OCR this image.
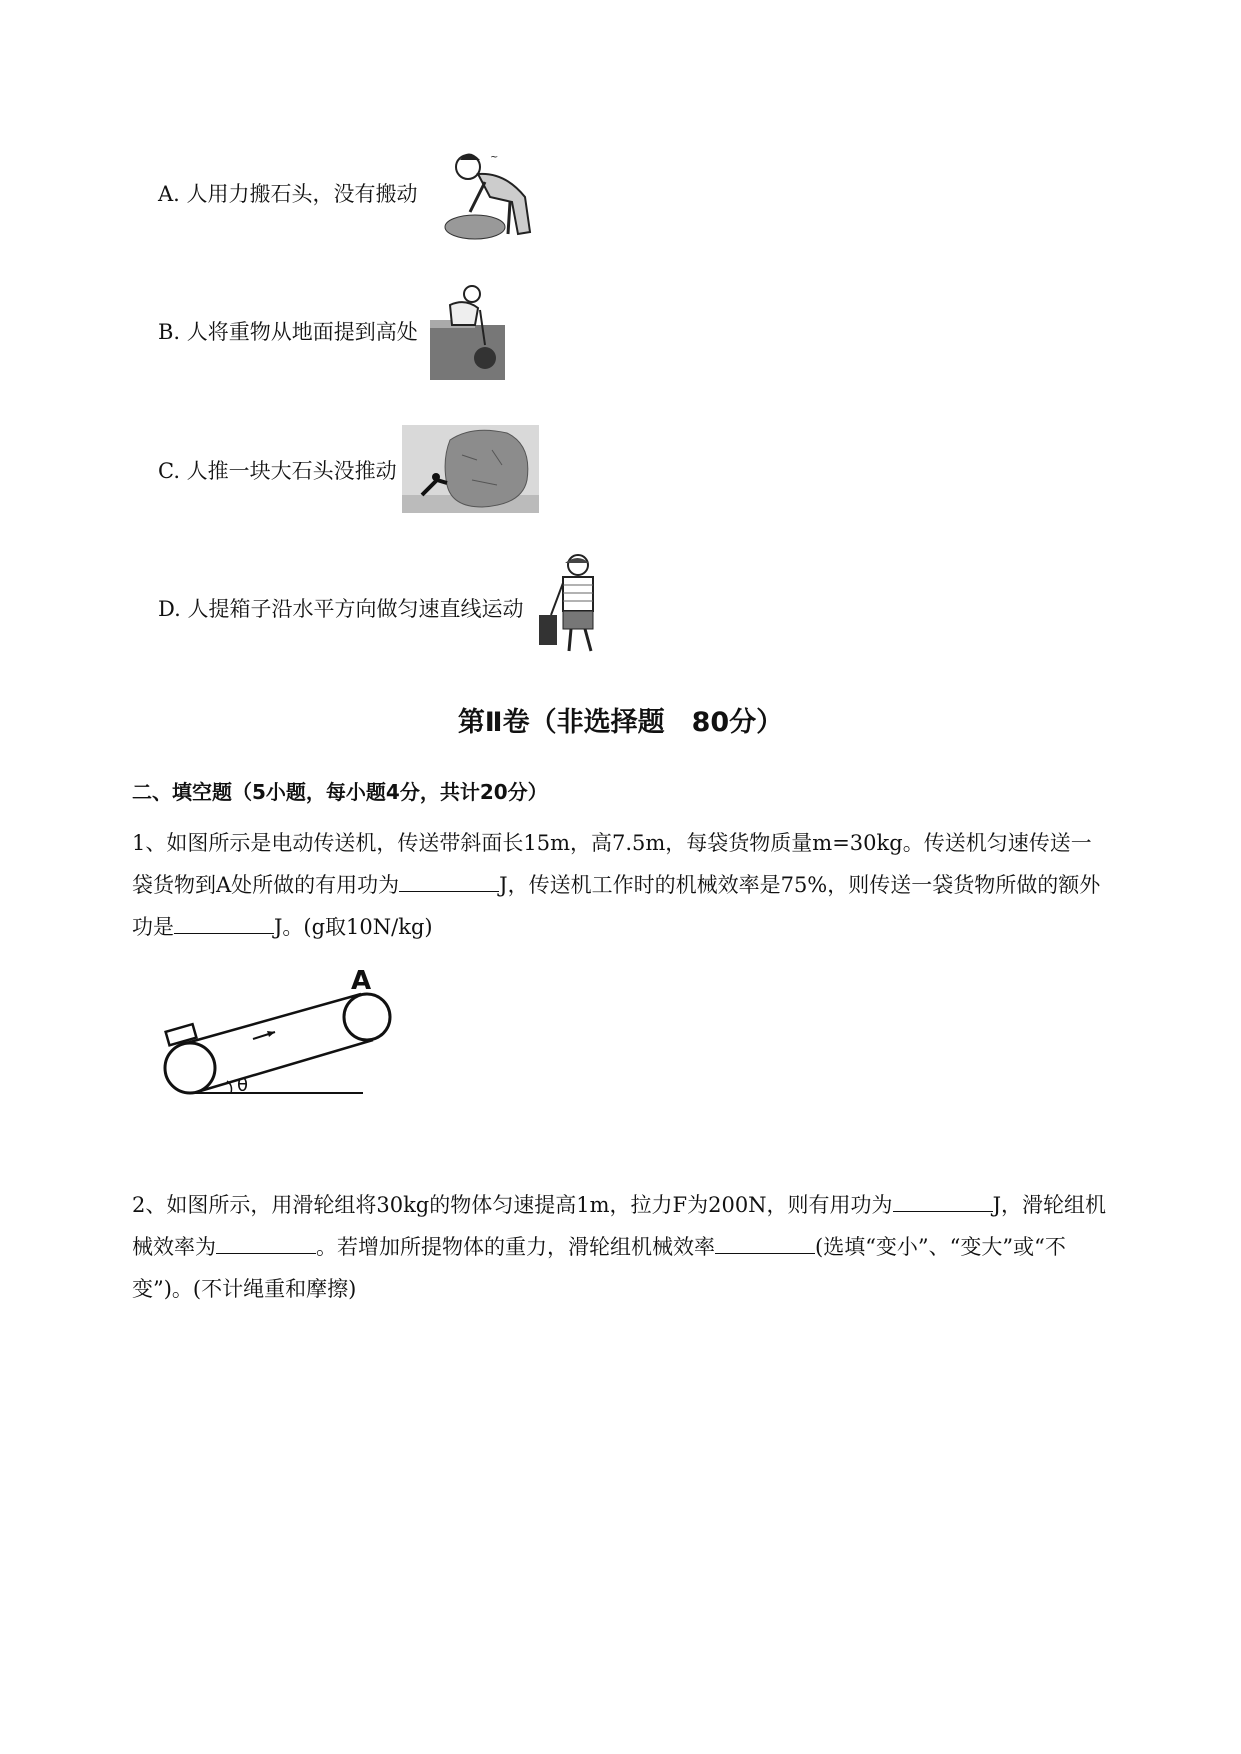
A. 人用力搬石头，没有搬动
~
B. 人将重物从地面提到高处
C. 人推一块大石头没推动
D. 人提箱子沿水平方向做匀速直线运动
第Ⅱ卷（非选择题　80分）
二、填空题（5小题，每小题4分，共计20分）
1、如图所示是电动传送机，传送带斜面长15m，高7.5m，每袋货物质量m=30kg。传送机匀速传送一袋货物到A处所做的有用功为	J，传送机工作时的机械效率是75%，则传送一袋货物所做的额外功是	J。(g取10N/kg)
θ
A
2、如图所示，用滑轮组将30kg的物体匀速提高1m，拉力F为200N，则有用功为	J，滑轮组机械效率为	。若增加所提物体的重力，滑轮组机械效率	(选填“变小”、“变大”或“不变”)。(不计绳重和摩擦)
